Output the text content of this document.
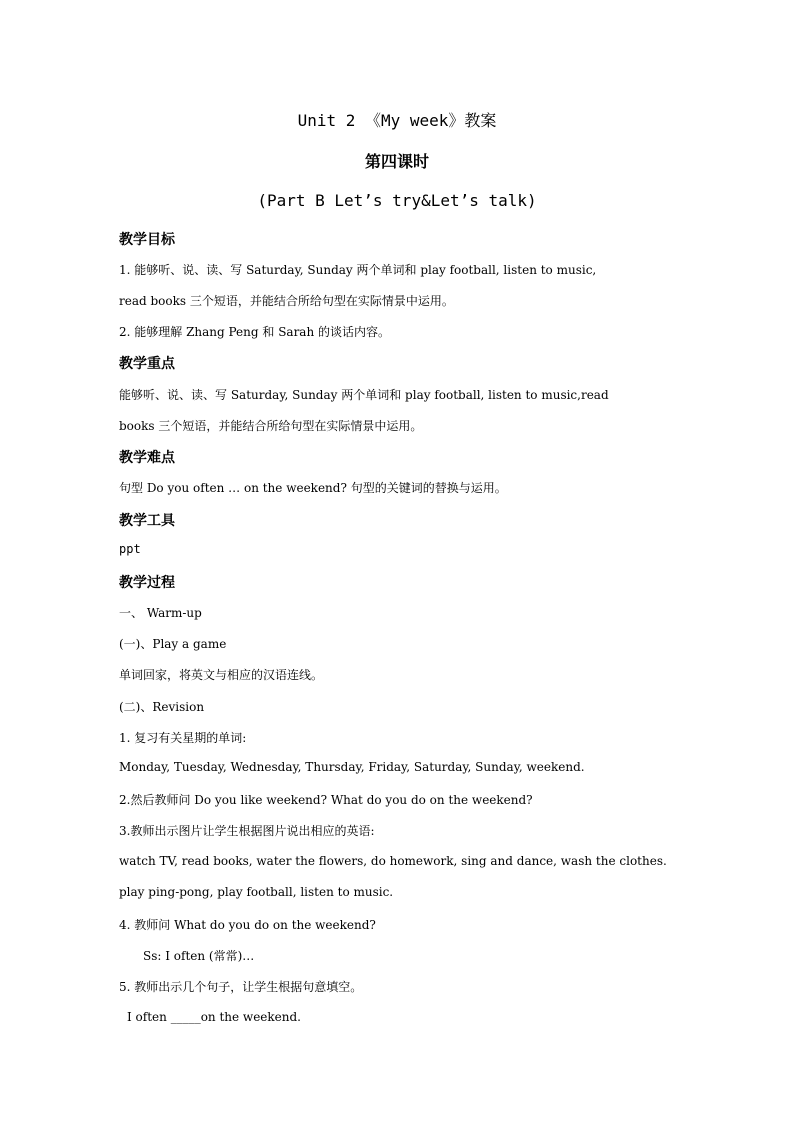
Unit 2 《My week》教案
第四课时
(Part B Let’s try&Let’s talk)
教学目标
1. 能够听、说、读、写 Saturday, Sunday 两个单词和 play football, listen to music,
read books 三个短语，并能结合所给句型在实际情景中运用。
2. 能够理解 Zhang Peng 和 Sarah 的谈话内容。
教学重点
能够听、说、读、写 Saturday, Sunday 两个单词和 play football, listen to music,read
books 三个短语，并能结合所给句型在实际情景中运用。
教学难点
句型 Do you often … on the weekend? 句型的关键词的替换与运用。
教学工具
ppt
教学过程
一、 Warm-up
(一)、Play a game
单词回家，将英文与相应的汉语连线。
(二)、Revision
1. 复习有关星期的单词:
Monday, Tuesday, Wednesday, Thursday, Friday, Saturday, Sunday, weekend.
2.然后教师问 Do you like weekend? What do you do on the weekend?
3.教师出示图片让学生根据图片说出相应的英语:
watch TV, read books, water the flowers, do homework, sing and dance, wash the clothes.
play ping-pong, play football, listen to music.
4. 教师问 What do you do on the weekend?
Ss: I often (常常)…
5. 教师出示几个句子，让学生根据句意填空。
I often _____on the weekend.
